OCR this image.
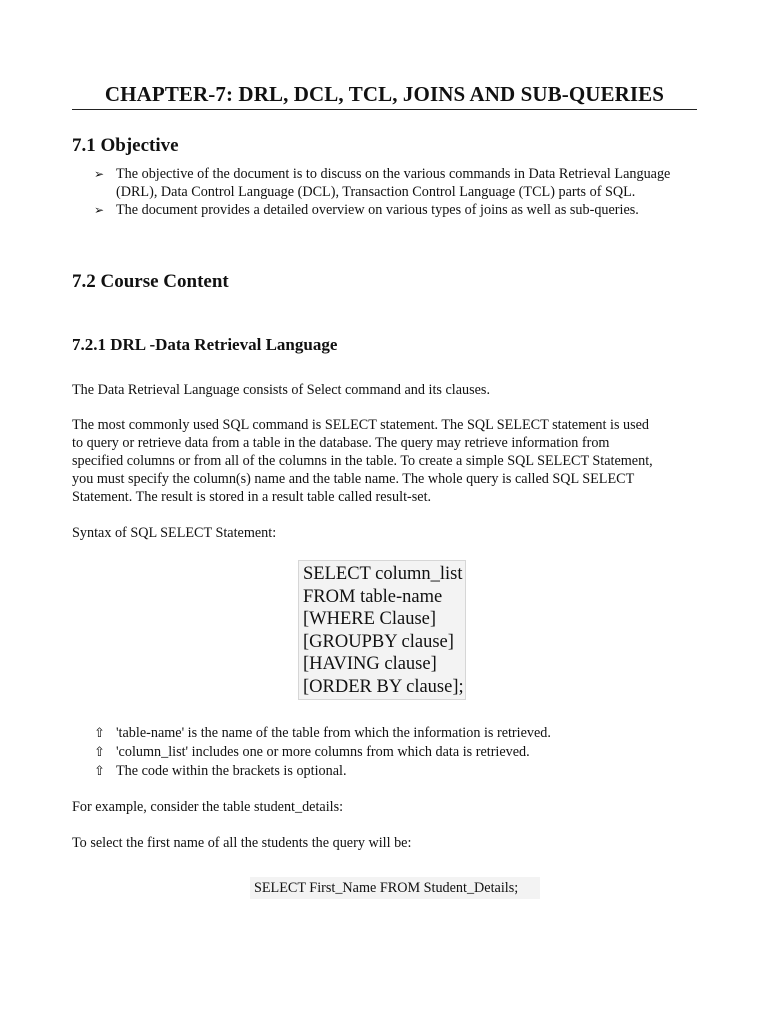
CHAPTER-7: DRL, DCL, TCL, JOINS AND SUB-QUERIES
7.1 Objective
➢ The objective of the document is to discuss on the various commands in Data Retrieval Language (DRL), Data Control Language (DCL), Transaction Control Language (TCL) parts of SQL.
➢ The document provides a detailed overview on various types of joins as well as sub-queries.
7.2 Course Content
7.2.1 DRL -Data Retrieval Language

The Data Retrieval Language consists of Select command and its clauses.

The most commonly used SQL command is SELECT statement. The SQL SELECT statement is used
to query or retrieve data from a table in the database. The query may retrieve information from
specified columns or from all of the columns in the table. To create a simple SQL SELECT Statement,
you must specify the column(s) name and the table name. The whole query is called SQL SELECT
Statement. The result is stored in a result table called result-set.

Syntax of SQL SELECT Statement:

SELECT column_list
FROM table-name
[WHERE Clause]
[GROUPBY clause]
[HAVING clause]
[ORDER BY clause];
⇧ 'table-name' is the name of the table from which the information is retrieved.
⇧ 'column_list' includes one or more columns from which data is retrieved.
⇧ The code within the brackets is optional.

For example, consider the table student_details:

To select the first name of all the students the query will be:

SELECT First_Name FROM Student_Details;
